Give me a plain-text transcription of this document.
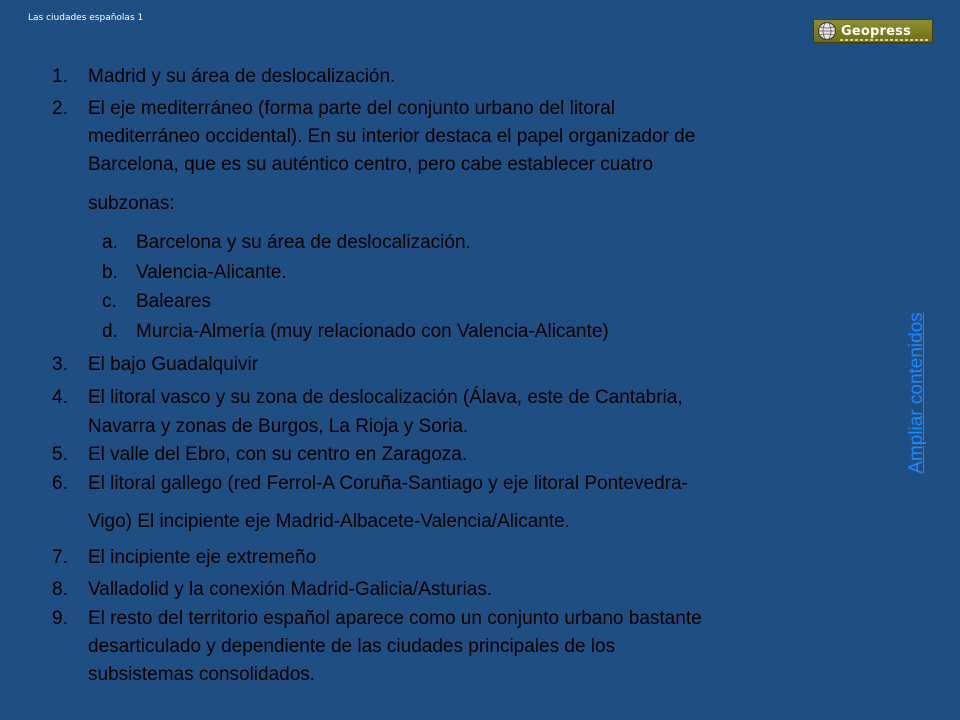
Las ciudades españolas 1
Geopress
1.	Madrid y su área de deslocalización.
2.	El eje mediterráneo (forma parte del conjunto urbano del litoral
mediterráneo occidental). En su interior destaca el papel organizador de
Barcelona, que es su auténtico centro, pero cabe establecer cuatro
subzonas:
a. Barcelona y su área de deslocalización.
b. Valencia-Alicante.
c.	Baleares
d. Murcia-Almería (muy relacionado con Valencia-Alicante)
3.	El bajo Guadalquivir
4.	El litoral vasco y su zona de deslocalización (Álava, este de Cantabria,
Navarra y zonas de Burgos, La Rioja y Soria.
5.	El valle del Ebro, con su centro en Zaragoza.
6.	El litoral gallego (red Ferrol-A Coruña-Santiago y eje litoral Pontevedra-
Vigo) El incipiente eje Madrid-Albacete-Valencia/Alicante.
7.	El incipiente eje extremeño
8.	Valladolid y la conexión Madrid-Galicia/Asturias.
9.	El resto del territorio español aparece como un conjunto urbano bastante
desarticulado y dependiente de las ciudades principales de los
subsistemas consolidados.
Ampliar contenidos
